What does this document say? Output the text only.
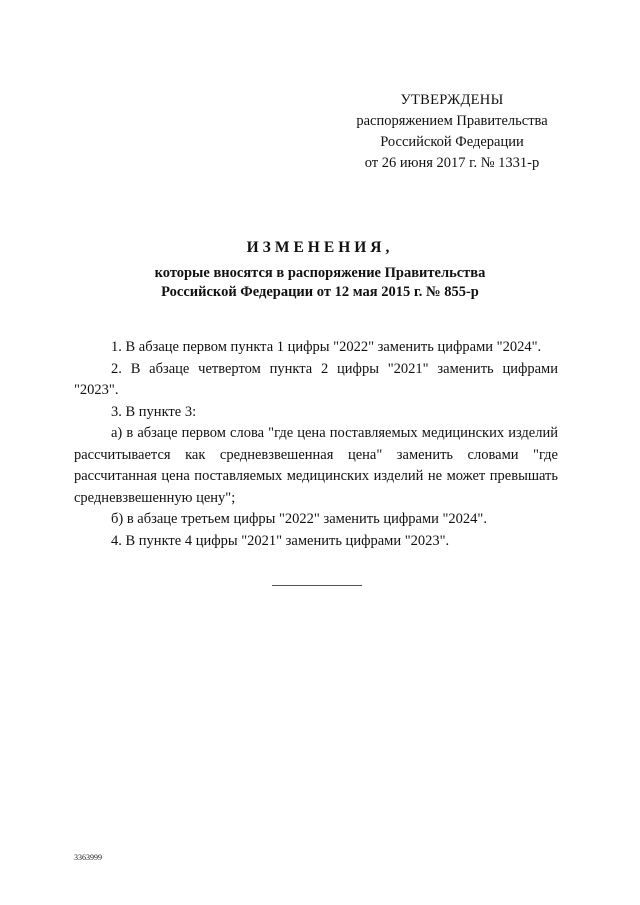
УТВЕРЖДЕНЫ
распоряжением Правительства
Российской Федерации
от 26 июня 2017 г. № 1331-р
ИЗМЕНЕНИЯ,
которые вносятся в распоряжение Правительства
Российской Федерации от 12 мая 2015 г. № 855-р

1. В абзаце первом пункта 1 цифры "2022" заменить цифрами "2024".

2. В абзаце четвертом пункта 2 цифры "2021" заменить цифрами "2023".

3. В пункте 3:

а) в абзаце первом слова "где цена поставляемых медицинских изделий рассчитывается как средневзвешенная цена" заменить словами "где рассчитанная цена поставляемых медицинских изделий не может превышать средневзвешенную цену";

б) в абзаце третьем цифры "2022" заменить цифрами "2024".

4. В пункте 4 цифры "2021" заменить цифрами "2023".

3363999
